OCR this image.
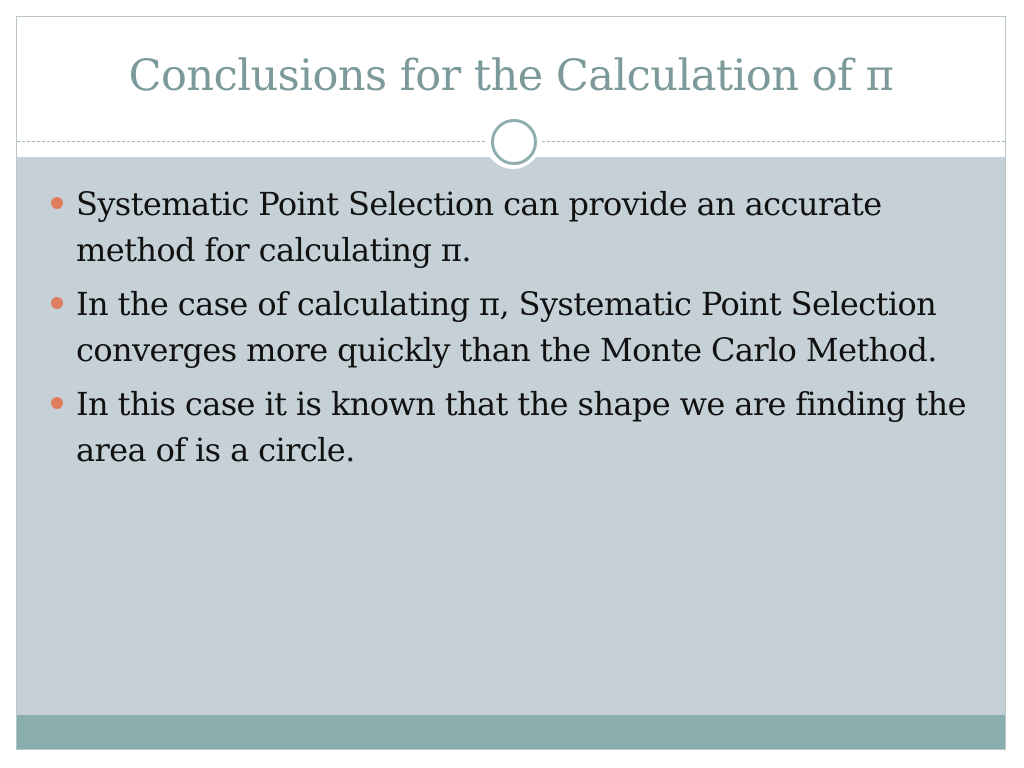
Conclusions for the Calculation of π
Systematic Point Selection can provide an accurate method for calculating π.
In the case of calculating π, Systematic Point Selection converges more quickly than the Monte Carlo Method.
In this case it is known that the shape we are finding the area of is a circle.
